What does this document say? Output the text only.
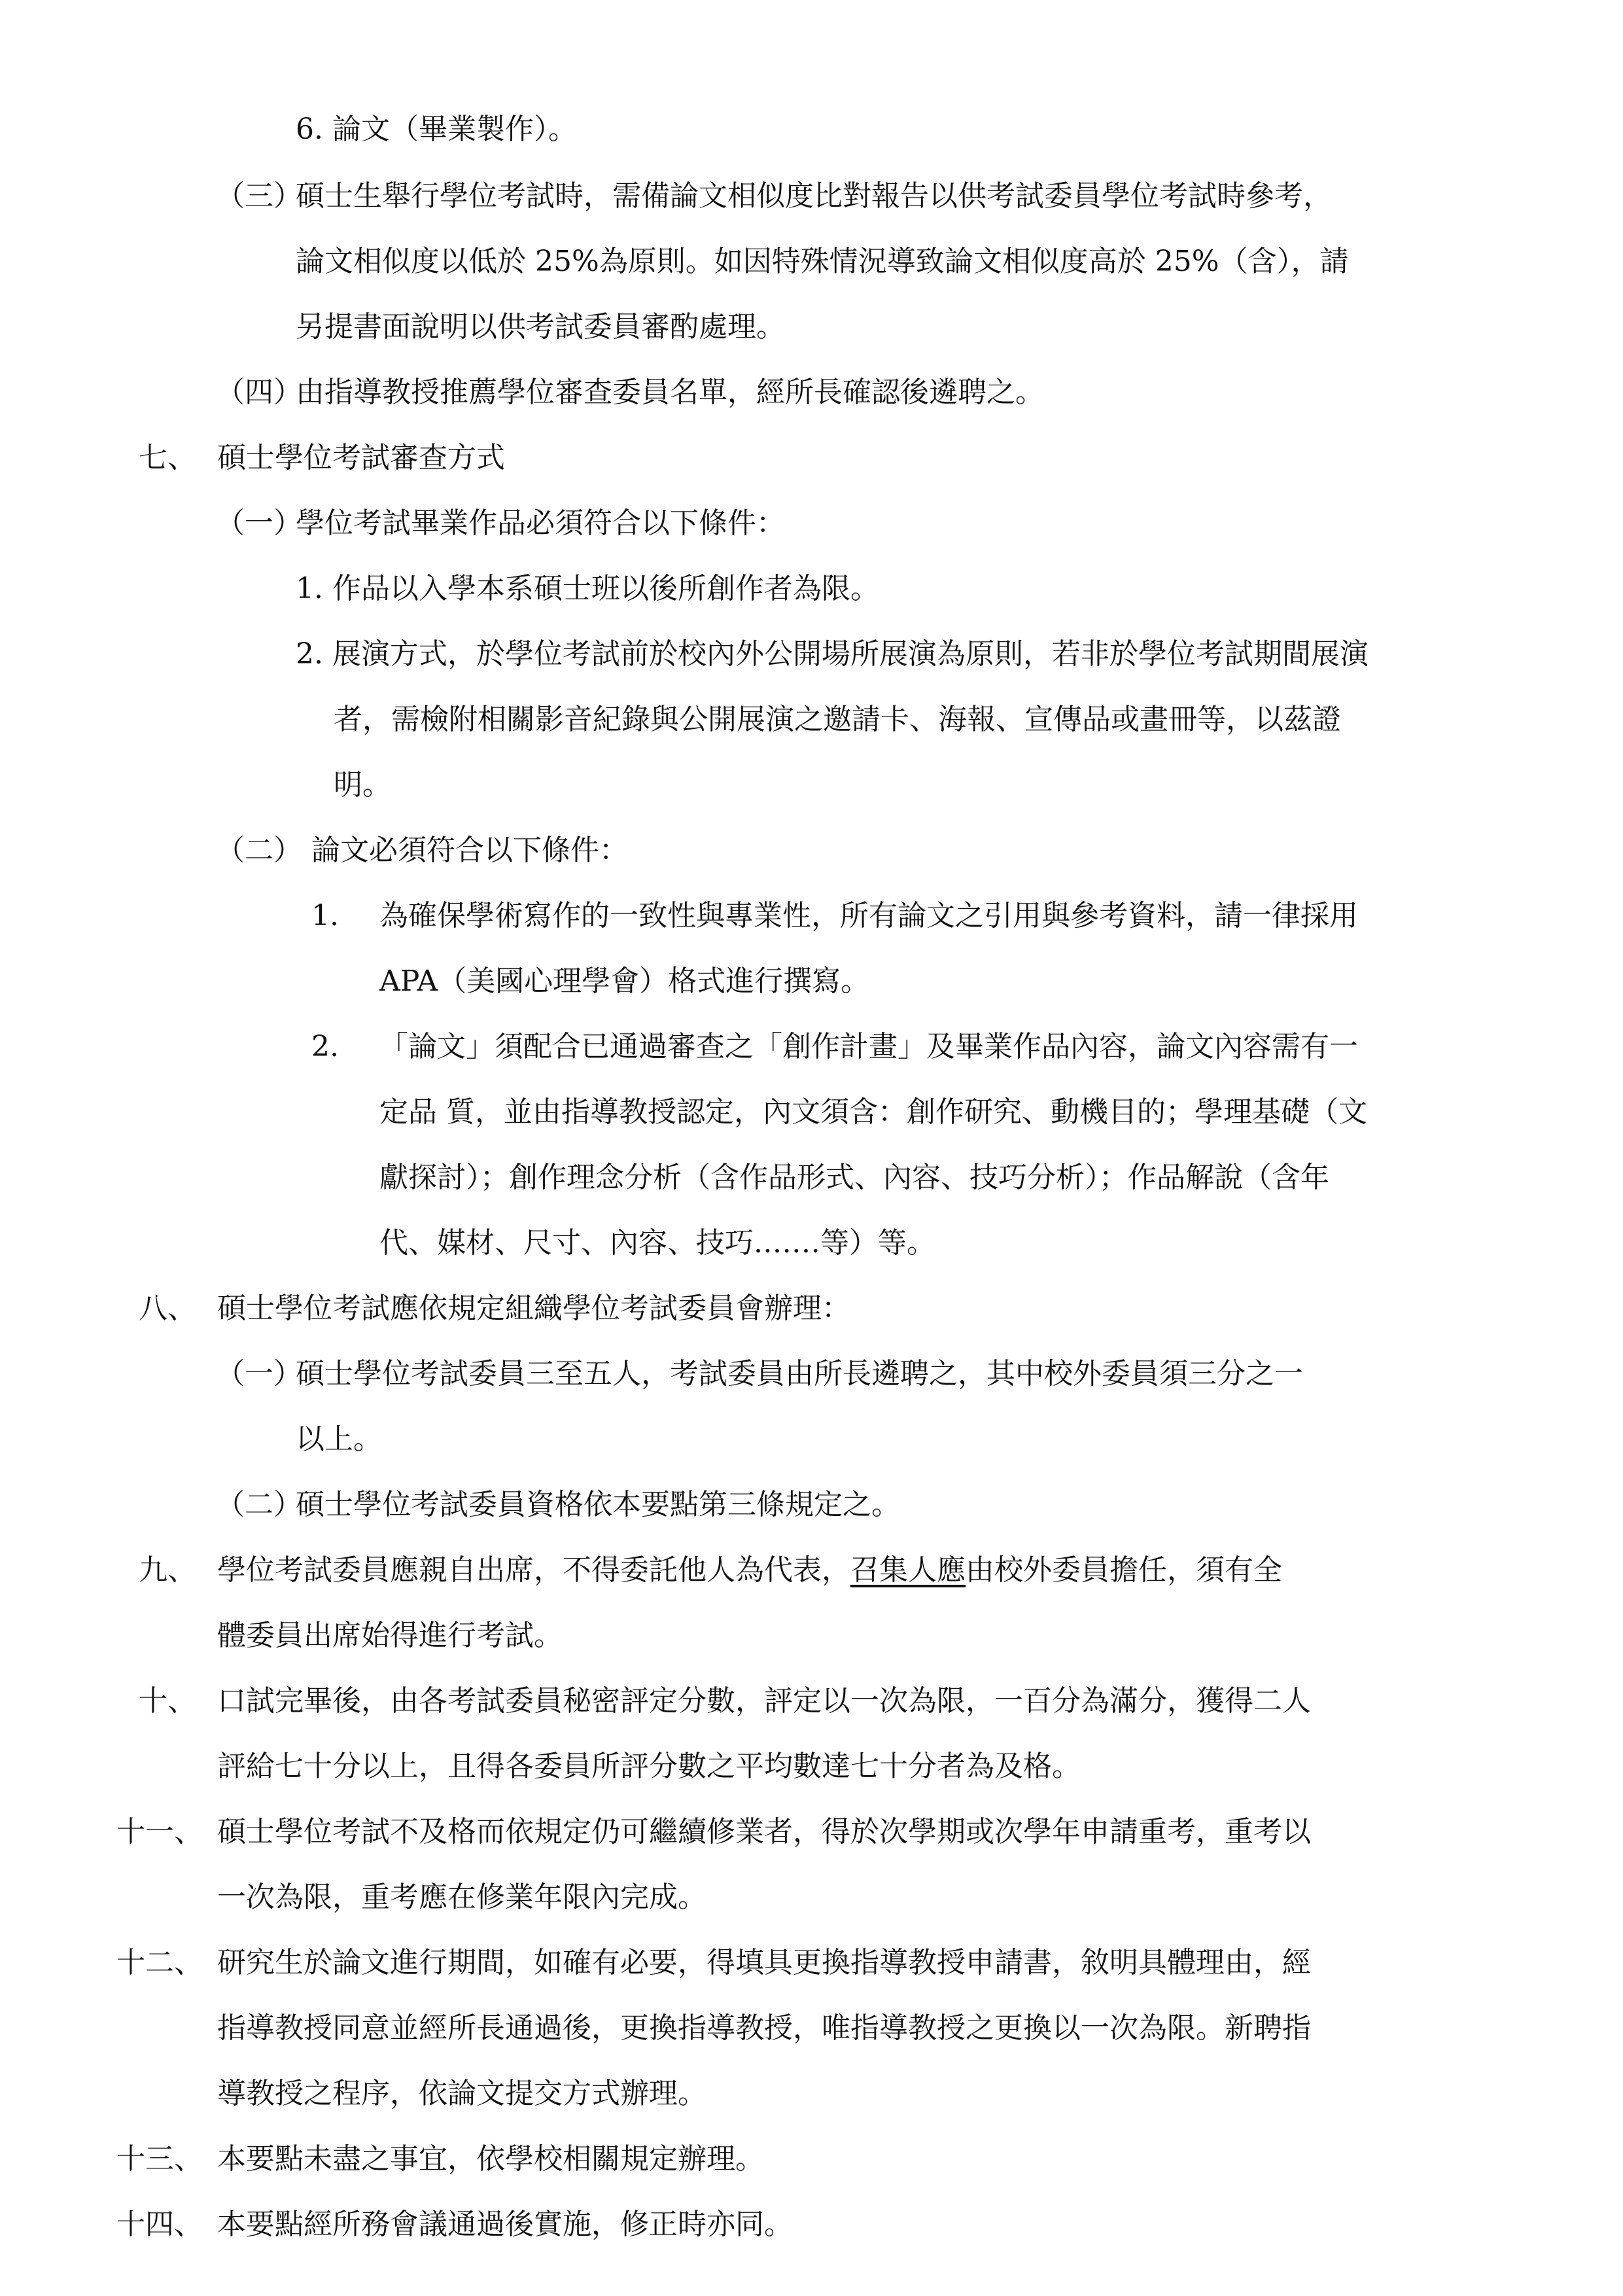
6. 論文（畢業製作）。
（三）
碩士生舉行學位考試時，需備論文相似度比對報告以供考試委員學位考試時參考，
論文相似度以低於 25%為原則。如因特殊情況導致論文相似度高於 25%（含），請
另提書面說明以供考試委員審酌處理。
（四）
由指導教授推薦學位審查委員名單，經所長確認後遴聘之。
七、 碩士學位考試審查方式
（一）
學位考試畢業作品必須符合以下條件：
1. 作品以入學本系碩士班以後所創作者為限。
2. 展演方式，於學位考試前於校內外公開場所展演為原則，若非於學位考試期間展演
者，需檢附相關影音紀錄與公開展演之邀請卡、海報、宣傳品或畫冊等，以茲證
明。
（二） 論文必須符合以下條件：
1. 為確保學術寫作的一致性與專業性，所有論文之引用與參考資料，請一律採用
APA（美國心理學會）格式進行撰寫。
2. 「論文」須配合已通過審查之「創作計畫」及畢業作品內容，論文內容需有一
定品 質，並由指導教授認定，內文須含：創作研究、動機目的；學理基礎（文
獻探討）；創作理念分析（含作品形式、內容、技巧分析）；作品解說（含年
代、媒材、尺寸、內容、技巧.……等）等。
八、 碩士學位考試應依規定組織學位考試委員會辦理：
（一）
碩士學位考試委員三至五人，考試委員由所長遴聘之，其中校外委員須三分之一
以上。
（二）
碩士學位考試委員資格依本要點第三條規定之。
九、 學位考試委員應親自出席，不得委託他人為代表，召集人應由校外委員擔任，須有全
體委員出席始得進行考試。
十、 口試完畢後，由各考試委員秘密評定分數，評定以一次為限，一百分為滿分，獲得二人
評給七十分以上，且得各委員所評分數之平均數達七十分者為及格。
十一、 碩士學位考試不及格而依規定仍可繼續修業者，得於次學期或次學年申請重考，重考以
一次為限，重考應在修業年限內完成。
十二、 研究生於論文進行期間，如確有必要，得填具更換指導教授申請書，敘明具體理由，經
指導教授同意並經所長通過後，更換指導教授，唯指導教授之更換以一次為限。新聘指
導教授之程序，依論文提交方式辦理。
十三、 本要點未盡之事宜，依學校相關規定辦理。
十四、 本要點經所務會議通過後實施，修正時亦同。
